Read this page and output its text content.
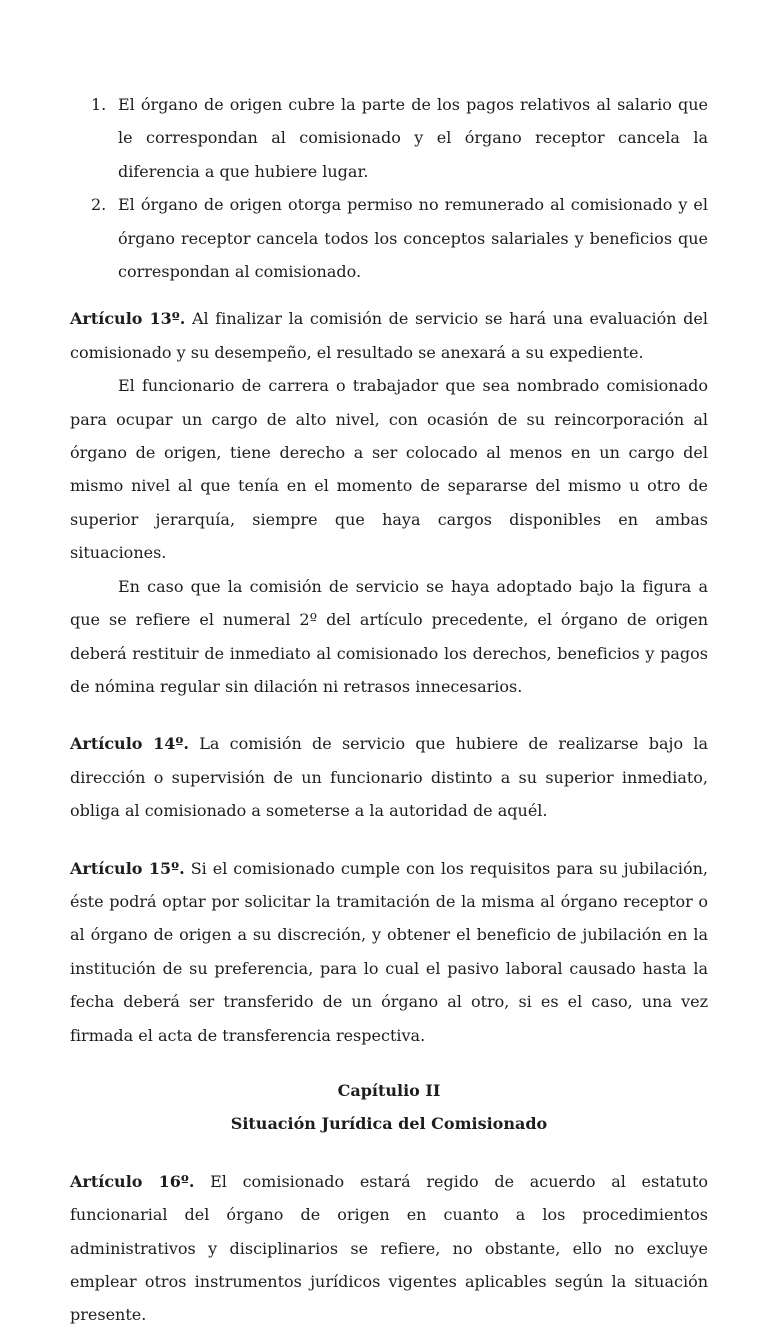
1. El órgano de origen cubre la parte de los pagos relativos al salario que le correspondan al comisionado y el órgano receptor cancela la diferencia a que hubiere lugar.

2. El órgano de origen otorga permiso no remunerado al comisionado y el órgano receptor cancela todos los conceptos salariales y beneficios que correspondan al comisionado.

Artículo 13º. Al finalizar la comisión de servicio se hará una evaluación del comisionado y su desempeño, el resultado se anexará a su expediente.

El funcionario de carrera o trabajador que sea nombrado comisionado para ocupar un cargo de alto nivel, con ocasión de su reincorporación al órgano de origen, tiene derecho a ser colocado al menos en un cargo del mismo nivel al que tenía en el momento de separarse del mismo u otro de superior jerarquía, siempre que haya cargos disponibles en ambas situaciones.

En caso que la comisión de servicio se haya adoptado bajo la figura a que se refiere el numeral 2º del artículo precedente, el órgano de origen deberá restituir de inmediato al comisionado los derechos, beneficios y pagos de nómina regular sin dilación ni retrasos innecesarios.

Artículo 14º. La comisión de servicio que hubiere de realizarse bajo la dirección o supervisión de un funcionario distinto a su superior inmediato, obliga al comisionado a someterse a la autoridad de aquél.

Artículo 15º. Si el comisionado cumple con los requisitos para su jubilación, éste podrá optar por solicitar la tramitación de la misma al órgano receptor o al órgano de origen a su discreción, y obtener el beneficio de jubilación en la institución de su preferencia, para lo cual el pasivo laboral causado hasta la fecha deberá ser transferido de un órgano al otro, si es el caso, una vez firmada el acta de transferencia respectiva.

Capítulio II

Situación Jurídica del Comisionado

Artículo 16º. El comisionado estará regido de acuerdo al estatuto funcionarial del órgano de origen en cuanto a los procedimientos administrativos y disciplinarios se refiere, no obstante, ello no excluye emplear otros instrumentos jurídicos vigentes aplicables según la situación presente.
